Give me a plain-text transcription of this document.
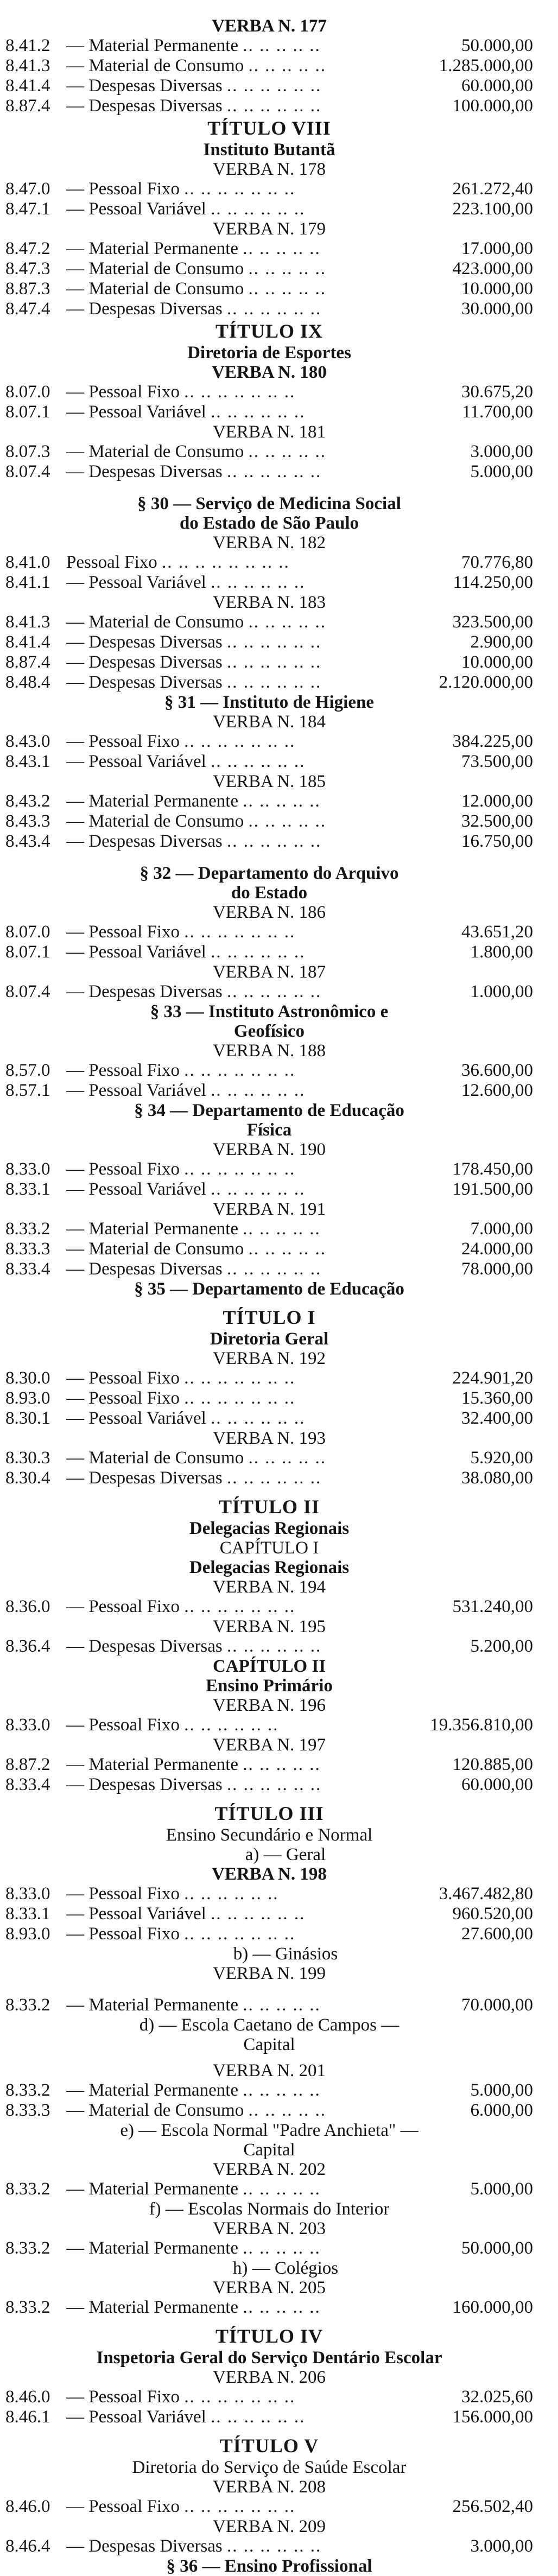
VERBA N. 177
8.41.2 — Material Permanente .. .. .. .. ..	50.000,00
8.41.3 — Material de Consumo .. .. .. .. ..	1.285.000,00
8.41.4 — Despesas Diversas .. .. .. .. .. ..	60.000,00
8.87.4 — Despesas Diversas .. .. .. .. .. ..	100.000,00
TÍTULO VIII
Instituto Butantã
VERBA N. 178
8.47.0 — Pessoal Fixo .. .. .. .. .. .. ..	261.272,40
8.47.1 — Pessoal Variável .. .. .. .. .. ..	223.100,00
VERBA N. 179
8.47.2 — Material Permanente .. .. .. .. ..	17.000,00
8.47.3 — Material de Consumo .. .. .. .. ..	423.000,00
8.87.3 — Material de Consumo .. .. .. .. ..	10.000,00
8.47.4 — Despesas Diversas .. .. .. .. .. ..	30.000,00
TÍTULO IX
Diretoria de Esportes
VERBA N. 180
8.07.0 — Pessoal Fixo .. .. .. .. .. .. ..	30.675,20
8.07.1 — Pessoal Variável .. .. .. .. .. ..	11.700,00
VERBA N. 181
8.07.3 — Material de Consumo .. .. .. .. ..	3.000,00
8.07.4 — Despesas Diversas .. .. .. .. .. ..	5.000,00
§ 30 — Serviço de Medicina Social
do Estado de São Paulo
VERBA N. 182
8.41.0 Pessoal Fixo .. .. .. .. .. .. .. ..	70.776,80
8.41.1 — Pessoal Variável .. .. .. .. .. ..	114.250,00
VERBA N. 183
8.41.3 — Material de Consumo .. .. .. .. ..	323.500,00
8.41.4 — Despesas Diversas .. .. .. .. .. ..	2.900,00
8.87.4 — Despesas Diversas .. .. .. .. .. ..	10.000,00
8.48.4 — Despesas Diversas .. .. .. .. .. ..	2.120.000,00
§ 31 — Instituto de Higiene
VERBA N. 184
8.43.0 — Pessoal Fixo .. .. .. .. .. .. ..	384.225,00
8.43.1 — Pessoal Variável .. .. .. .. .. ..	73.500,00
VERBA N. 185
8.43.2 — Material Permanente .. .. .. .. ..	12.000,00
8.43.3 — Material de Consumo .. .. .. .. ..	32.500,00
8.43.4 — Despesas Diversas .. .. .. .. .. ..	16.750,00
§ 32 — Departamento do Arquivo
do Estado
VERBA N. 186
8.07.0 — Pessoal Fixo .. .. .. .. .. .. ..	43.651,20
8.07.1 — Pessoal Variável .. .. .. .. .. ..	1.800,00
VERBA N. 187
8.07.4 — Despesas Diversas .. .. .. .. .. ..	1.000,00
§ 33 — Instituto Astronômico e
Geofísico
VERBA N. 188
8.57.0 — Pessoal Fixo .. .. .. .. .. .. ..	36.600,00
8.57.1 — Pessoal Variável .. .. .. .. .. ..	12.600,00
§ 34 — Departamento de Educação
Física
VERBA N. 190
8.33.0 — Pessoal Fixo .. .. .. .. .. .. ..	178.450,00
8.33.1 — Pessoal Variável .. .. .. .. .. ..	191.500,00
VERBA N. 191
8.33.2 — Material Permanente .. .. .. .. ..	7.000,00
8.33.3 — Material de Consumo .. .. .. .. ..	24.000,00
8.33.4 — Despesas Diversas .. .. .. .. .. ..	78.000,00
§ 35 — Departamento de Educação
TÍTULO I
Diretoria Geral
VERBA N. 192
8.30.0 — Pessoal Fixo .. .. .. .. .. .. ..	224.901,20
8.93.0 — Pessoal Fixo .. .. .. .. .. .. ..	15.360,00
8.30.1 — Pessoal Variável .. .. .. .. .. ..	32.400,00
VERBA N. 193
8.30.3 — Material de Consumo .. .. .. .. ..	5.920,00
8.30.4 — Despesas Diversas .. .. .. .. .. ..	38.080,00
TÍTULO II
Delegacias Regionais
CAPÍTULO I
Delegacias Regionais
VERBA N. 194
8.36.0 — Pessoal Fixo .. .. .. .. .. .. ..	531.240,00
VERBA N. 195
8.36.4 — Despesas Diversas .. .. .. .. .. ..	5.200,00
CAPÍTULO II
Ensino Primário
VERBA N. 196
8.33.0 — Pessoal Fixo .. .. .. .. .. ..	19.356.810,00
VERBA N. 197
8.87.2 — Material Permanente .. .. .. .. ..	120.885,00
8.33.4 — Despesas Diversas .. .. .. .. .. ..	60.000,00
TÍTULO III
Ensino Secundário e Normal
a) — Geral
VERBA N. 198
8.33.0 — Pessoal Fixo .. .. .. .. .. ..	3.467.482,80
8.33.1 — Pessoal Variável .. .. .. .. .. ..	960.520,00
8.93.0 — Pessoal Fixo .. .. .. .. .. .. ..	27.600,00
b) — Ginásios
VERBA N. 199
8.33.2 — Material Permanente .. .. .. .. ..	70.000,00
d) — Escola Caetano de Campos —
Capital
VERBA N. 201
8.33.2 — Material Permanente .. .. .. .. ..	5.000,00
8.33.3 — Material de Consumo .. .. .. .. ..	6.000,00
e) — Escola Normal "Padre Anchieta" —
Capital
VERBA N. 202
8.33.2 — Material Permanente .. .. .. .. ..	5.000,00
f) — Escolas Normais do Interior
VERBA N. 203
8.33.2 — Material Permanente .. .. .. .. ..	50.000,00
h) — Colégios
VERBA N. 205
8.33.2 — Material Permanente .. .. .. .. ..	160.000,00
TÍTULO IV
Inspetoria Geral do Serviço Dentário Escolar
VERBA N. 206
8.46.0 — Pessoal Fixo .. .. .. .. .. .. ..	32.025,60
8.46.1 — Pessoal Variável .. .. .. .. .. ..	156.000,00
TÍTULO V
Diretoria do Serviço de Saúde Escolar
VERBA N. 208
8.46.0 — Pessoal Fixo .. .. .. .. .. .. ..	256.502,40
VERBA N. 209
8.46.4 — Despesas Diversas .. .. .. .. .. ..	3.000,00
§ 36 — Ensino Profissional
